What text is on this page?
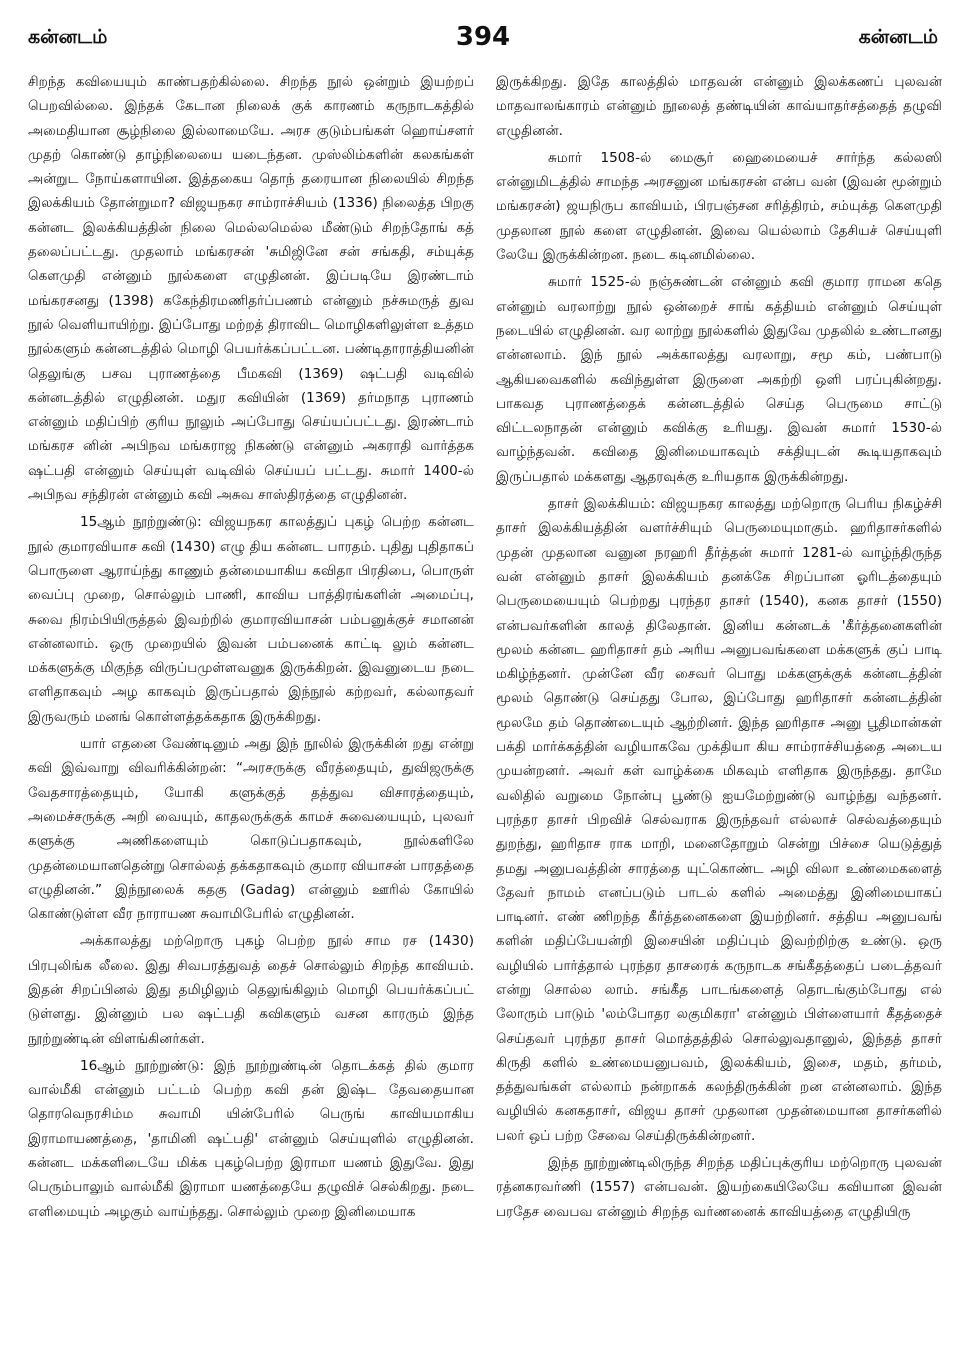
கன்னடம்	394	கன்னடம்

சிறந்த கவியையும் காண்பதற்கில்லை. சிறந்த நூல் ஒன்றும் இயற்றப் பெறவில்லை. இந்தக் கேடான நிலைக் குக் காரணம் கருநாடகத்தில் அமைதியான சூழ்நிலை இல்லாமையே. அரச குடும்பங்கள் ஹொய்சளர் முதற் கொண்டு தாழ்நிலையை யடைந்தன. முஸ்லிம்களின் கலகங்கள் அன்றுட நோய்களாயின. இத்தகைய தொந் தரையான நிலையில் சிறந்த இலக்கியம் தோன்றுமா? விஜயநகர சாம்ராச்சியம் (1336) நிலைத்த பிறகு கன்னட இலக்கியத்தின் நிலை மெல்லமெல்ல மீண்டும் சிறந்தோங் கத் தலைப்பட்டது. முதலாம் மங்கரசன் 'சுமிஜினே சன் சங்கதி, சம்யுக்த கௌமுதி என்னும் நூல்களை எழுதினன். இப்படியே இரண்டாம் மங்கரசனது (1398) ககேந்திரமணிதர்ப்பணம் என்னும் நச்சுமருத் துவ நூல் வெளியாயிற்று. இப்போது மற்றத் திராவிட மொழிகளிலுள்ள உத்தம நூல்களும் கன்னடத்தில் மொழி பெயர்க்கப்பட்டன. பண்டிதாராத்தியனின் தெலுங்கு பசவ புராணத்தை பீமகவி (1369) ஷட்பதி வடிவில் கன்னடத்தில் எழுதினன். மதுர கவியின் (1369) தர்மநாத புராணம் என்னும் மதிப்பிற் குரிய நூலும் அப்போது செய்யப்பட்டது. இரண்டாம் மங்கரச னின் அபிநவ மங்கராஜ நிகண்டு என்னும் அகராதி வார்த்தக ஷட்பதி என்னும் செய்யுள் வடிவில் செய்யப் பட்டது. சுமார் 1400-ல் அபிநவ சந்திரன் என்னும் கவி அசுவ சாஸ்திரத்தை எழுதினன்.

15ஆம் நூற்றுண்டு: விஜயநகர காலத்துப் புகழ் பெற்ற கன்னட நூல் குமாரவியாச கவி (1430) எழு திய கன்னட பாரதம். புதிது புதிதாகப் பொருளை ஆராய்ந்து காணும் தன்மையாகிய கவிதா பிரதிபை, பொருள் வைப்பு முறை, சொல்லும் பாணி, காவிய பாத்திரங்களின் அமைப்பு, சுவை நிரம்பியிருத்தல் இவற்றில் குமாரவியாசன் பம்பனுக்குச் சமானன் என்னலாம். ஒரு முறையில் இவன் பம்பனைக் காட்டி லும் கன்னட மக்களுக்கு மிகுந்த விருப்பமுள்ளவனுக இருக்கிறன். இவனுடைய நடை எளிதாகவும் அழ காகவும் இருப்பதால் இந்நூல் கற்றவர், கல்லாதவர் இருவரும் மனங் கொள்ளத்தக்கதாக இருக்கிறது.

யார் எதனை வேண்டினும் அது இந் நூலில் இருக்கின் றது என்று கவி இவ்வாறு விவரிக்கின்றன்: “அரசருக்கு வீரத்தையும், துவிஜருக்கு வேதசாரத்தையும், யோகி களுக்குத் தத்துவ விசாரத்தையும், அமைச்சருக்கு அறி வையும், காதலருக்குக் காமச் சுவையையும், புலவர் களுக்கு அணிகளையும் கொடுப்பதாகவும், நூல்களிலே முதன்மையானதென்று சொல்லத் தக்கதாகவும் குமார வியாசன் பாரதத்தை எழுதினன்.” இந்நூலைக் கதகு (Gadag) என்னும் ஊரில் கோயில் கொண்டுள்ள வீர நாராயண சுவாமிபேரில் எழுதினன்.

அக்காலத்து மற்றொரு புகழ் பெற்ற நூல் சாம ரச (1430) பிரபுலிங்க லீலை. இது சிவபரத்துவத் தைச் சொல்லும் சிறந்த காவியம். இதன் சிறப்பினல் இது தமிழிலும் தெலுங்கிலும் மொழி பெயர்க்கப்பட் டுள்ளது. இன்னும் பல ஷட்பதி கவிகளும் வசன காரரும் இந்த நூற்றுண்டின் விளங்கினர்கள்.

16ஆம் நூற்றுண்டு: இந் நூற்றுண்டின் தொடக்கத் தில் குமார வால்மீகி என்னும் பட்டம் பெற்ற கவி தன் இஷ்ட தேவதையான தொரவெநரசிம்ம சுவாமி யின்பேரில் பெருங் காவியமாகிய இராமாயணத்தை, 'தாமினி ஷட்பதி' என்னும் செய்யுளில் எழுதினன். கன்னட மக்களிடையே மிக்க புகழ்பெற்ற இராமா யணம் இதுவே. இது பெரும்பாலும் வால்மீகி இராமா யணத்தையே தழுவிச் செல்கிறது. நடை எளிமையும் அழகும் வாய்ந்தது. சொல்லும் முறை இனிமையாக

இருக்கிறது. இதே காலத்தில் மாதவன் என்னும் இலக்கணப் புலவன் மாதவாலங்காரம் என்னும் நூலைத் தண்டியின் காவ்யாதர்சத்தைத் தழுவி எழுதினன்.

சுமார் 1508-ல் மைசூர் ஹைமையைச் சார்ந்த கல்லஸி என்னுமிடத்தில் சாமந்த அரசனுன மங்கரசன் என்ப வன் (இவன் மூன்றும் மங்கரசன்) ஜயநிருப காவியம், பிரபஞ்சன சரித்திரம், சம்யுக்த கௌமுதி முதலான நூல் களை எழுதினன். இவை யெல்லாம் தேசியச் செய்யுளி லேயே இருக்கின்றன. நடை கடினமில்லை.

சுமார் 1525-ல் நஞ்சுண்டன் என்னும் கவி குமார ராமன கதெ என்னும் வரலாற்று நூல் ஒன்றைச் சாங் கத்தியம் என்னும் செய்யுள் நடையில் எழுதினன். வர லாற்று நூல்களில் இதுவே முதலில் உண்டானது என்னலாம். இந் நூல் அக்காலத்து வரலாறு, சமூ கம், பண்பாடு ஆகியவைகளில் கவிந்துள்ள இருளை அகற்றி ஒளி பரப்புகின்றது. பாகவத புராணத்தைக் கன்னடத்தில் செய்த பெருமை சாட்டு விட்டலநாதன் என்னும் கவிக்கு உரியது. இவன் சுமார் 1530-ல் வாழ்ந்தவன். கவிதை இனிமையாகவும் சக்தியுடன் கூடியதாகவும் இருப்பதால் மக்களது ஆதரவுக்கு உரியதாக இருக்கின்றது.

தாசர் இலக்கியம்: விஜயநகர காலத்து மற்றொரு பெரிய நிகழ்ச்சி தாசர் இலக்கியத்தின் வளர்ச்சியும் பெருமையுமாகும். ஹரிதாசர்களில் முதன் முதலான வனுன நரஹரி தீர்த்தன் சுமார் 1281-ல் வாழ்ந்திருந்த வன் என்னும் தாசர் இலக்கியம் தனக்கே சிறப்பான ஓரிடத்தையும் பெருமையையும் பெற்றது புரந்தர தாசர் (1540), கனக தாசர் (1550) என்பவர்களின் காலத் திலேதான். இனிய கன்னடக் 'கீர்த்தனைகளின் மூலம் கன்னட ஹரிதாசர் தம் அரிய அனுபவங்களை மக்களுக் குப் பாடி மகிழ்ந்தனர். முன்னே வீர சைவர் பொது மக்களுக்குக் கன்னடத்தின் மூலம் தொண்டு செய்தது போல, இப்போது ஹரிதாசர் கன்னடத்தின் மூலமே தம் தொண்டையும் ஆற்றினர். இந்த ஹரிதாச அனு பூதிமான்கள் பக்தி மார்க்கத்தின் வழியாகவே முக்தியா கிய சாம்ராச்சியத்தை அடைய முயன்றனர். அவர் கள் வாழ்க்கை மிகவும் எளிதாக இருந்தது. தாமே வலிதில் வறுமை நோன்பு பூண்டு ஐயமேற்றுண்டு வாழ்ந்து வந்தனர். புரந்தர தாசர் பிறவிச் செல்வராக இருந்தவர் எல்லாச் செல்வத்தையும் துறந்து, ஹரிதாச ராக மாறி, மனைதோறும் சென்று பிச்சை யெடுத்துத் தமது அனுபவத்தின் சாரத்தை யுட்கொண்ட அழி விலா உண்மைகளைத் தேவர் நாமம் எனப்படும் பாடல் களில் அமைத்து இனிமையாகப் பாடினர். எண் ணிறந்த கீர்த்தனைகளை இயற்றினர். சத்திய அனுபவங் களின் மதிப்பேயன்றி இசையின் மதிப்பும் இவற்றிற்கு உண்டு. ஒரு வழியில் பார்த்தால் புரந்தர தாசரைக் கருநாடக சங்கீதத்தைப் படைத்தவர் என்று சொல்ல லாம். சங்கீத பாடங்களைத் தொடங்கும்போது எல் லோரும் பாடும் 'லம்போதர லகுமிகரா' என்னும் பிள்ளையார் கீதத்தைச் செய்தவர் புரந்தர தாசர் மொத்தத்தில் சொல்லுவதானுல், இந்தத் தாசர் கிருதி களில் உண்மையனுபவம், இலக்கியம், இசை, மதம், தர்மம், தத்துவங்கள் எல்லாம் நன்றாகக் கலந்திருக்கின் றன என்னலாம். இந்த வழியில் கனகதாசர், விஜய தாசர் முதலான முதன்மையான தாசர்களில் பலர் ஒப் பற்ற சேவை செய்திருக்கின்றனர்.

இந்த நூற்றுண்டிலிருந்த சிறந்த மதிப்புக்குரிய மற்றொரு புலவன் ரத்னகரவர்ணி (1557) என்பவன். இயற்கையிலேயே கவியான இவன் பரதேச வைபவ என்னும் சிறந்த வர்ணனைக் காவியத்தை எழுதியிரு
